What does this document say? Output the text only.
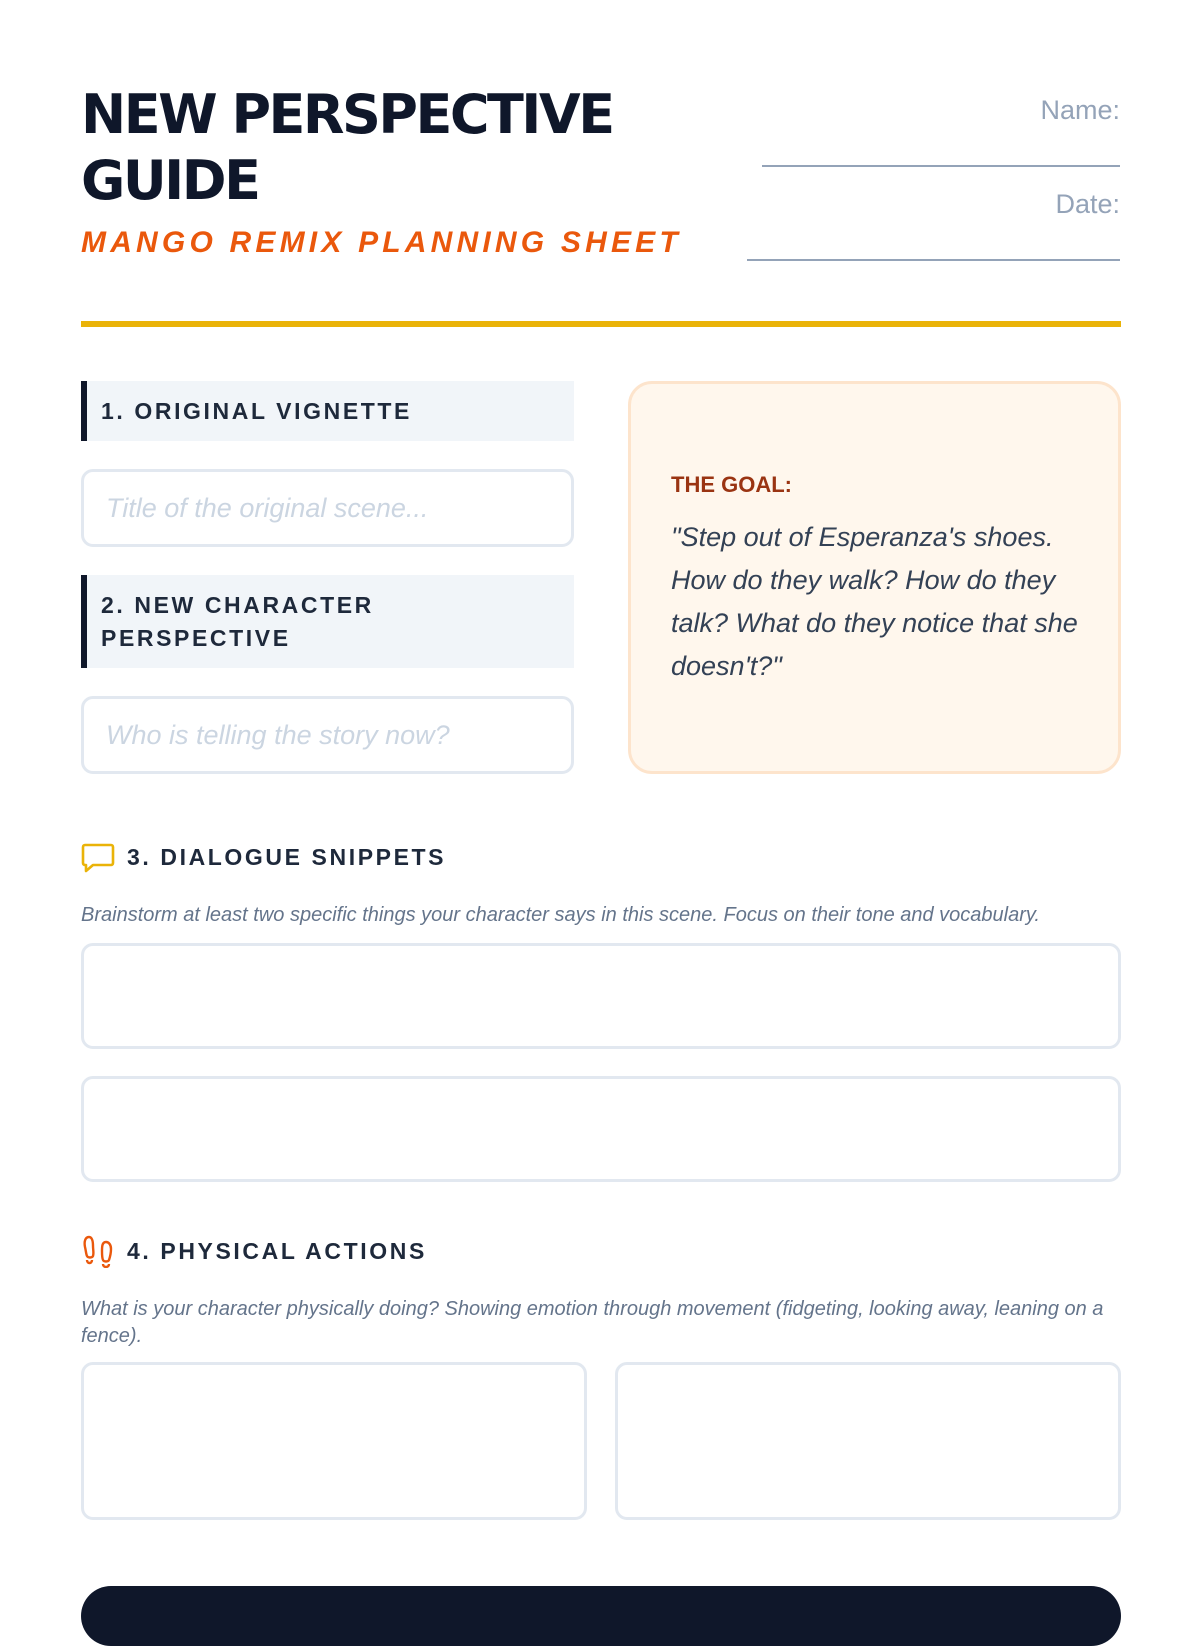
NEW PERSPECTIVE GUIDE
MANGO REMIX PLANNING SHEET
Name:
Date:
1. ORIGINAL VIGNETTE
Title of the original scene...
2. NEW CHARACTER PERSPECTIVE
Who is telling the story now?
THE GOAL:
"Step out of Esperanza's shoes. How do they walk? How do they talk? What do they notice that she doesn't?"
3. DIALOGUE SNIPPETS
Brainstorm at least two specific things your character says in this scene. Focus on their tone and vocabulary.
4. PHYSICAL ACTIONS
What is your character physically doing? Showing emotion through movement (fidgeting, looking away, leaning on a fence).
